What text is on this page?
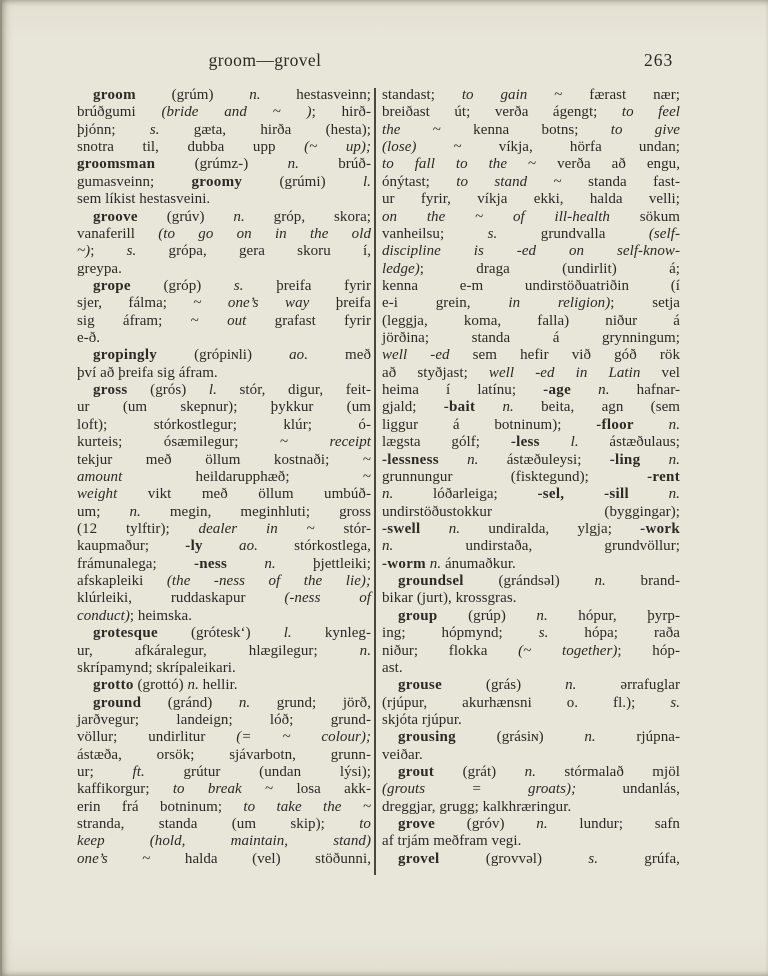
groom—grovel	263
groom (grúm) n. hestasveinn;
brúðgumi (bride and ~ ); hirð-
þjónn; s. gæta, hirða (hesta);
snotra til, dubba upp (~ up);
groomsman (grúmz-) n. brúð-
gumasveinn; groomy (grúmi) l.
sem líkist hestasveini.
groove (grúv) n. gróp, skora;
vanaferill (to go on in the old
~); s. grópa, gera skoru í,
greypa.
grope (gróp) s. þreifa fyrir
sjer, fálma; ~ one’s way þreifa
sig áfram; ~ out grafast fyrir
e-ð.
gropingly (grópiɴli) ao. með
því að þreifa sig áfram.
gross (grós) l. stór, digur, feit-
ur (um skepnur); þykkur (um
loft); stórkostlegur; klúr; ó-
kurteis; ósæmilegur; ~ receipt
tekjur með öllum kostnaði; ~
amount heildarupphæð; ~
weight vikt með öllum umbúð-
um; n. megin, meginhluti; gross
(12 tylftir); dealer in ~ stór-
kaupmaður; -ly ao. stórkostlega,
frámunalega; -ness n. þjettleiki;
afskapleiki (the -ness of the lie);
klúrleiki, ruddaskapur (-ness of
conduct); heimska.
grotesque (grótesk‘) l. kynleg-
ur, afkáralegur, hlægilegur; n.
skrípamynd; skrípaleikari.
grotto (grottó) n. hellir.
ground (gránd) n. grund; jörð,
jarðvegur; landeign; lóð; grund-
völlur; undirlitur (= ~ colour);
ástæða, orsök; sjávarbotn, grunn-
ur; ft. grútur (undan lýsi);
kaffikorgur; to break ~ losa akk-
erin frá botninum; to take the ~
stranda, standa (um skip); to
keep (hold, maintain, stand)
one’s ~ halda (vel) stöðunni,
standast; to gain ~ færast nær;
breiðast út; verða ágengt; to feel
the ~ kenna botns; to give
(lose) ~ víkja, hörfa undan;
to fall to the ~ verða að engu,
ónýtast; to stand ~ standa fast-
ur fyrir, víkja ekki, halda velli;
on the ~ of ill-health sökum
vanheilsu; s. grundvalla (self-
discipline is -ed on self-know-
ledge); draga (undirlit) á;
kenna e-m undirstöðuatriðin (í
e-i grein, in religion); setja
(leggja, koma, falla) niður á
jörðina; standa á grynningum;
well -ed sem hefir við góð rök
að styðjast; well -ed in Latin vel
heima í latínu; -age n. hafnar-
gjald; -bait n. beita, agn (sem
liggur á botninum); -floor n.
lægsta gólf; -less l. ástæðulaus;
-lessness n. ástæðuleysi; -ling n.
grunnungur (fisktegund); -rent
n. lóðarleiga; -sel,	-sill	n.
undirstöðustokkur (byggingar);
-swell n. undiralda, ylgja; -work
n. undirstaða, grundvöllur;
-worm n. ánumaðkur.
groundsel (grándsəl) n. brand-
bikar (jurt), krossgras.
group (grúp) n. hópur, þyrp-
ing; hópmynd; s. hópa; raða
niður; flokka (~ together); hóp-
ast.
grouse (grás) n. ərrafuglar
(rjúpur, akurhænsni o. fl.); s.
skjóta rjúpur.
grousing (grásiɴ) n. rjúpna-
veiðar.
grout (grát) n. stórmalað mjöl
(grouts = groats); undanlás,
dreggjar, grugg; kalkhræringur.
grove (gróv) n. lundur; safn
af trjám meðfram vegi.
grovel (grovvəl) s. grúfa,
